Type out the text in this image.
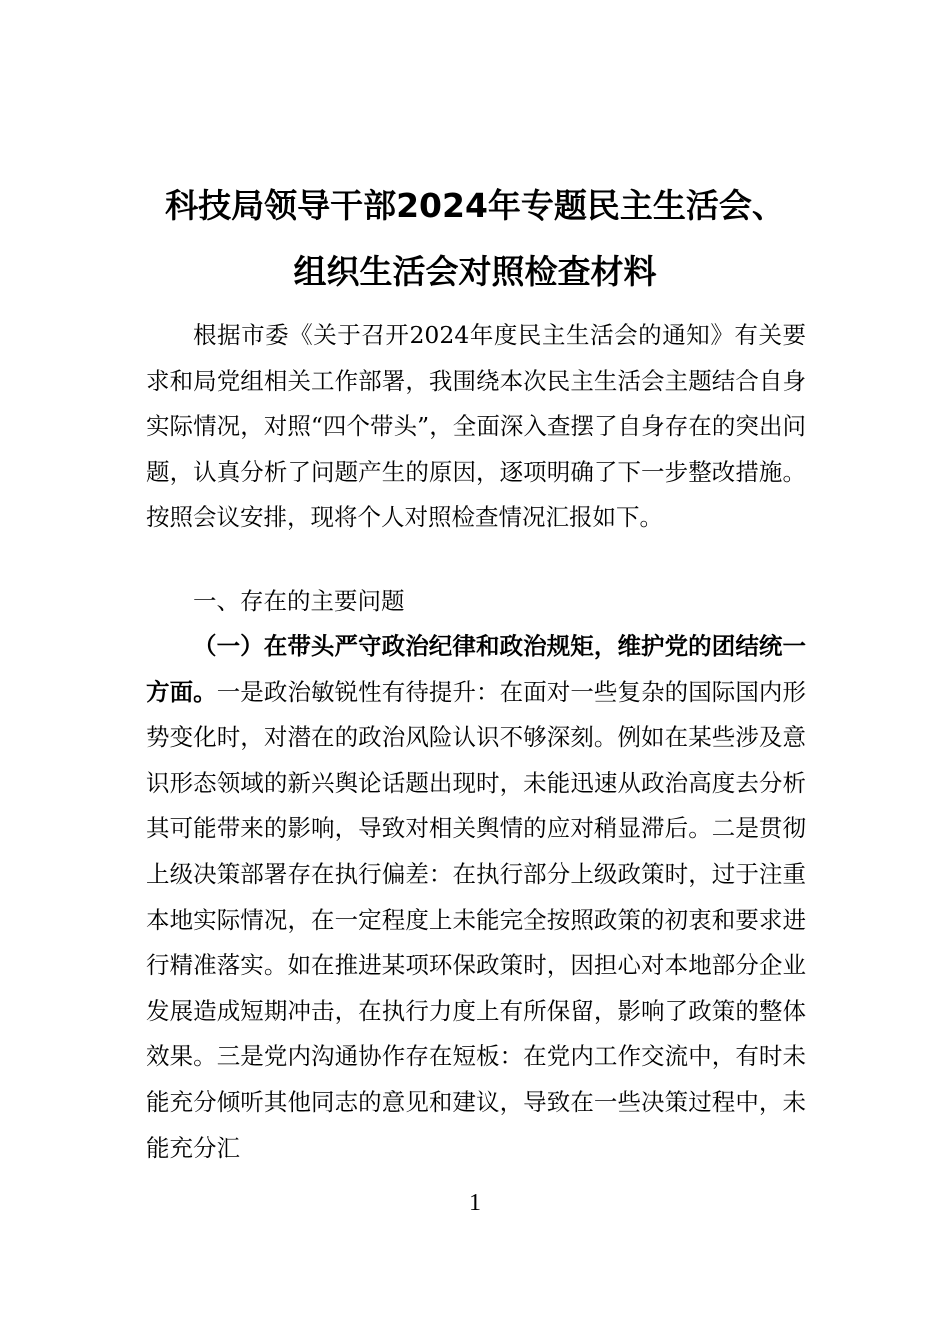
科技局领导干部2024年专题民主生活会、
组织生活会对照检查材料

根据市委《关于召开2024年度民主生活会的通知》有关要求和局党组相关工作部署，我围绕本次民主生活会主题结合自身实际情况，对照“四个带头”，全面深入查摆了自身存在的突出问题，认真分析了问题产生的原因，逐项明确了下一步整改措施。按照会议安排，现将个人对照检查情况汇报如下。

一、存在的主要问题

（一）在带头严守政治纪律和政治规矩，维护党的团结统一方面。一是政治敏锐性有待提升：在面对一些复杂的国际国内形势变化时，对潜在的政治风险认识不够深刻。例如在某些涉及意识形态领域的新兴舆论话题出现时，未能迅速从政治高度去分析其可能带来的影响，导致对相关舆情的应对稍显滞后。二是贯彻上级决策部署存在执行偏差：在执行部分上级政策时，过于注重本地实际情况，在一定程度上未能完全按照政策的初衷和要求进行精准落实。如在推进某项环保政策时，因担心对本地部分企业发展造成短期冲击，在执行力度上有所保留，影响了政策的整体效果。三是党内沟通协作存在短板：在党内工作交流中，有时未能充分倾听其他同志的意见和建议，导致在一些决策过程中，未能充分汇

1
